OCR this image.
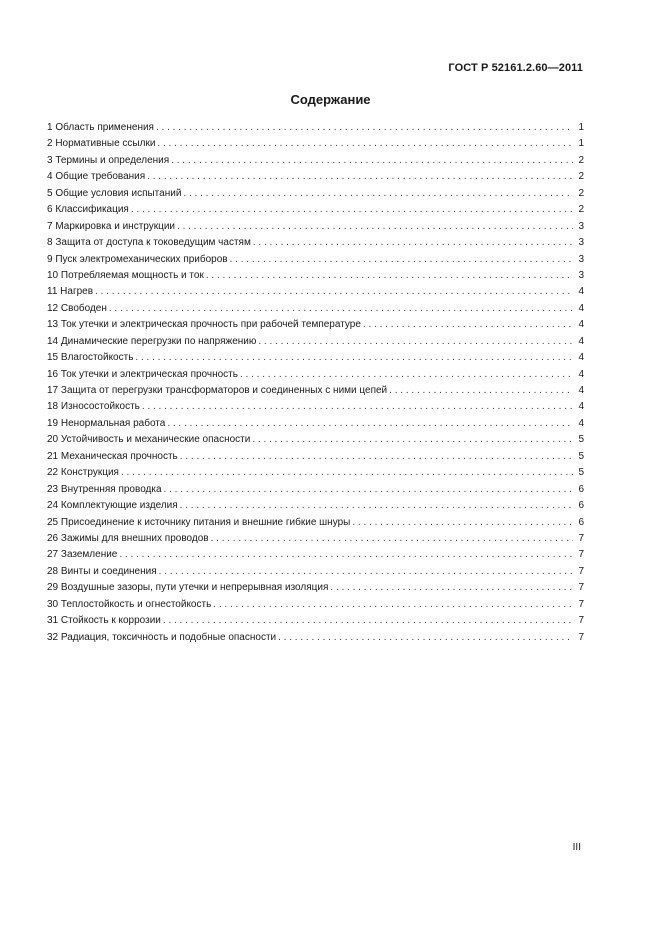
ГОСТ Р 52161.2.60—2011
Содержание
1 Область применения . . .	1
2 Нормативные ссылки . . .	1
3 Термины и определения . . .	2
4 Общие требования . . .	2
5 Общие условия испытаний . . .	2
6 Классификация . . .	2
7 Маркировка и инструкции . . .	3
8 Защита от доступа к токоведущим частям . . .	3
9 Пуск электромеханических приборов . . .	3
10 Потребляемая мощность и ток . . .	3
11 Нагрев . . .	4
12 Свободен . . .	4
13 Ток утечки и электрическая прочность при рабочей температуре . . .	4
14 Динамические перегрузки по напряжению . . .	4
15 Влагостойкость . . .	4
16 Ток утечки и электрическая прочность . . .	4
17 Защита от перегрузки трансформаторов и соединенных с ними цепей . . .	4
18 Износостойкость . . .	4
19 Ненормальная работа . . .	4
20 Устойчивость и механические опасности . . .	5
21 Механическая прочность . . .	5
22 Конструкция . . .	5
23 Внутренняя проводка . . .	6
24 Комплектующие изделия . . .	6
25 Присоединение к источнику питания и внешние гибкие шнуры . . .	6
26 Зажимы для внешних проводов . . .	7
27 Заземление . . .	7
28 Винты и соединения . . .	7
29 Воздушные зазоры, пути утечки и непрерывная изоляция . . .	7
30 Теплостойкость и огнестойкость . . .	7
31 Стойкость к коррозии . . .	7
32 Радиация, токсичность и подобные опасности . . .	7
III
